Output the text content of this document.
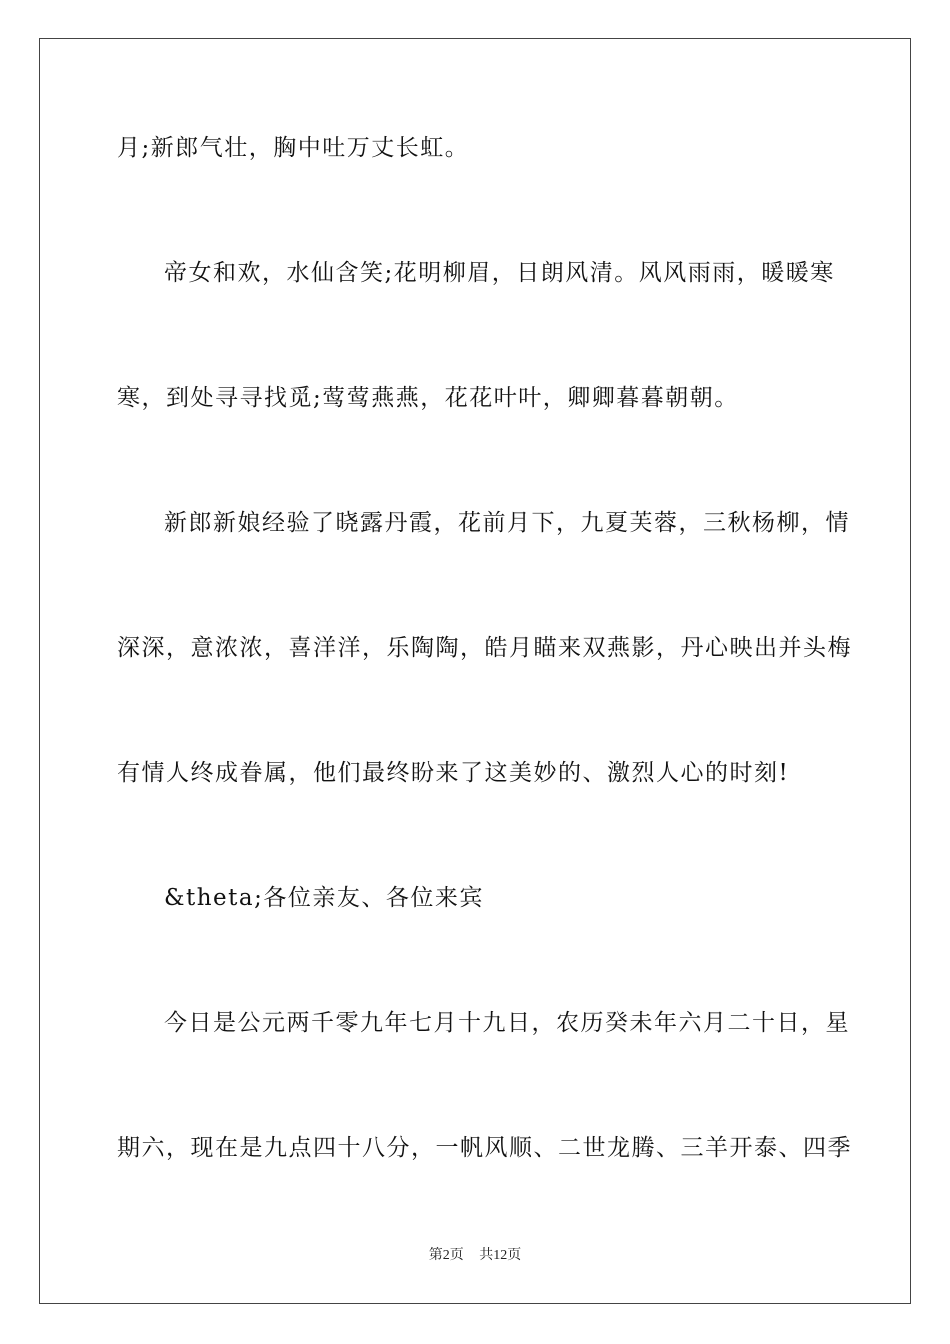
月;新郎气壮，胸中吐万丈长虹。
帝女和欢，水仙含笑;花明柳眉，日朗风清。风风雨雨，暖暖寒
寒，到处寻寻找觅;莺莺燕燕，花花叶叶，卿卿暮暮朝朝。
新郎新娘经验了晓露丹霞，花前月下，九夏芙蓉，三秋杨柳，情
深深，意浓浓，喜洋洋，乐陶陶，皓月瞄来双燕影，丹心映出并头梅
有情人终成眷属，他们最终盼来了这美妙的、激烈人心的时刻!
&theta;各位亲友、各位来宾
今日是公元两千零九年七月十九日，农历癸未年六月二十日，星
期六，现在是九点四十八分，一帆风顺、二世龙腾、三羊开泰、四季
第2页 共12页
